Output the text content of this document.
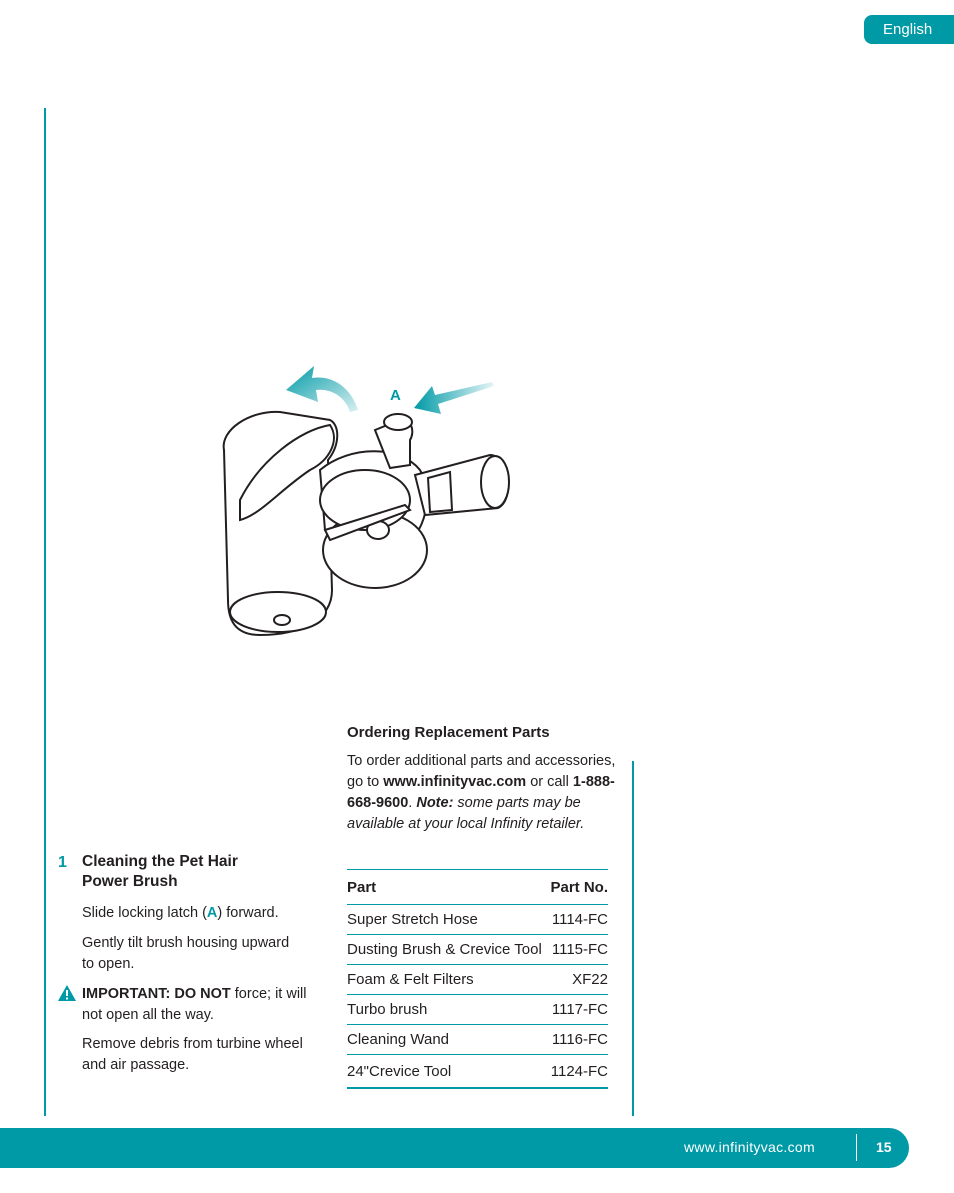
English
A
Ordering Replacement Parts

To order additional parts and accessories, go to www.infinityvac.com or call 1-888-668-9600. Note: some parts may be available at your local Infinity retailer.

Part	Part No.
Super Stretch Hose	1114-FC
Dusting Brush & Crevice Tool	1115-FC
Foam & Felt Filters	XF22
Turbo brush	1117-FC
Cleaning Wand	1116-FC
24"Crevice Tool	1124-FC
1 Cleaning the Pet Hair Power Brush

Slide locking latch (A) forward.

Gently tilt brush housing upward to open.

IMPORTANT: DO NOT force; it will not open all the way.

Remove debris from turbine wheel and air passage.

www.infinityvac.com	15
